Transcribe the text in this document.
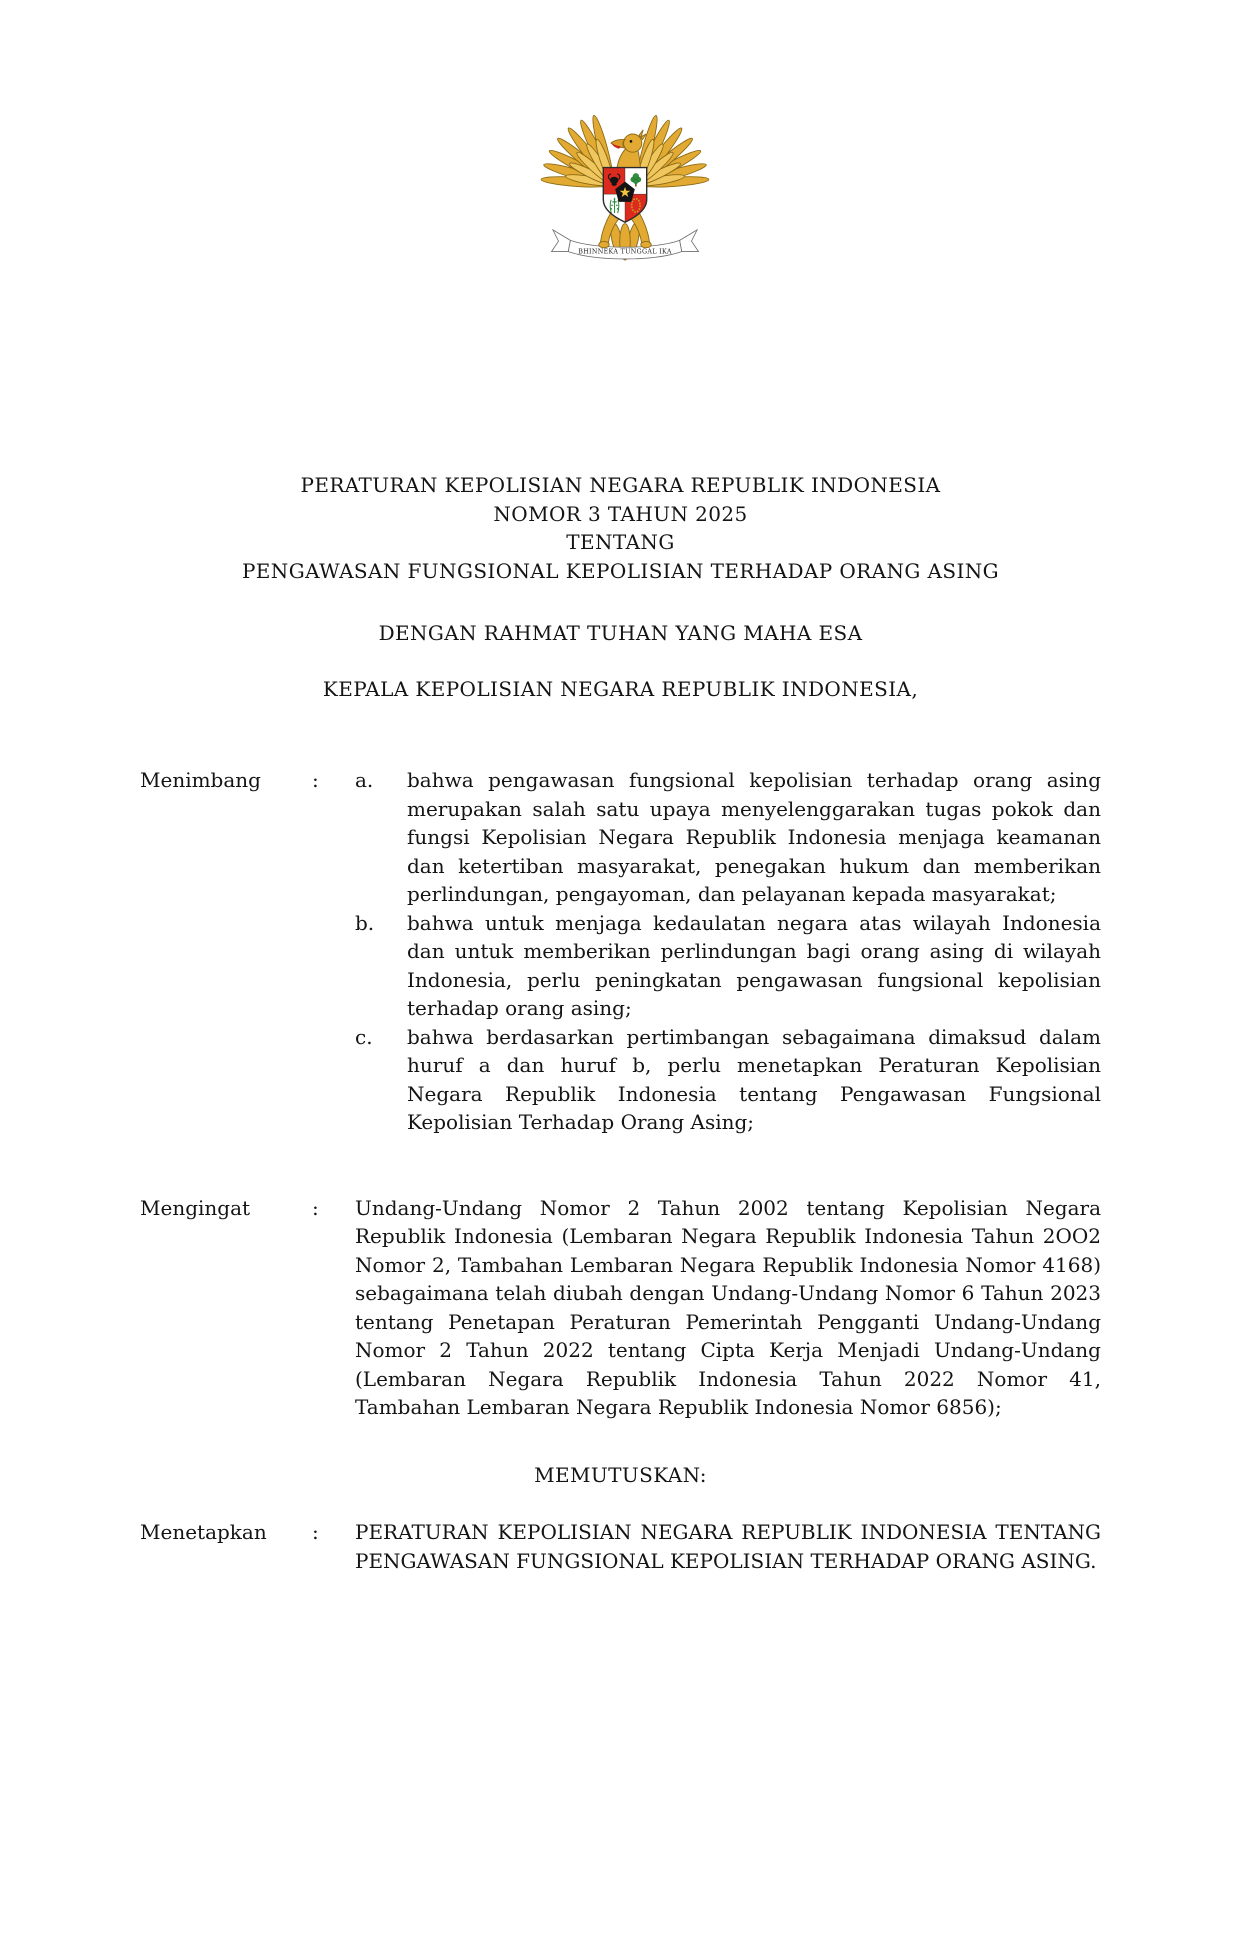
BHINNEKA TUNGGAL IKA
PERATURAN KEPOLISIAN NEGARA REPUBLIK INDONESIA
NOMOR 3 TAHUN 2025
TENTANG
PENGAWASAN FUNGSIONAL KEPOLISIAN TERHADAP ORANG ASING
DENGAN RAHMAT TUHAN YANG MAHA ESA
KEPALA KEPOLISIAN NEGARA REPUBLIK INDONESIA,
Menimbang	:	a.	bahwa pengawasan fungsional kepolisian terhadap orang asing merupakan salah satu upaya menyelenggarakan tugas pokok dan fungsi Kepolisian Negara Republik Indonesia menjaga keamanan dan ketertiban masyarakat, penegakan hukum dan memberikan perlindungan, pengayoman, dan pelayanan kepada masyarakat;
b.	bahwa untuk menjaga kedaulatan negara atas wilayah Indonesia dan untuk memberikan perlindungan bagi orang asing di wilayah Indonesia, perlu peningkatan pengawasan fungsional kepolisian terhadap orang asing;
c.	bahwa berdasarkan pertimbangan sebagaimana dimaksud dalam huruf a dan huruf b, perlu menetapkan Peraturan Kepolisian Negara Republik Indonesia tentang Pengawasan Fungsional Kepolisian Terhadap Orang Asing;
Mengingat	:	Undang-Undang Nomor 2 Tahun 2002 tentang Kepolisian Negara Republik Indonesia (Lembaran Negara Republik Indonesia Tahun 2OO2 Nomor 2, Tambahan Lembaran Negara Republik Indonesia Nomor 4168) sebagaimana telah diubah dengan Undang-Undang Nomor 6 Tahun 2023 tentang Penetapan Peraturan Pemerintah Pengganti Undang-Undang Nomor 2 Tahun 2022 tentang Cipta Kerja Menjadi Undang-Undang (Lembaran Negara Republik Indonesia Tahun 2022 Nomor 41, Tambahan Lembaran Negara Republik Indonesia Nomor 6856);
MEMUTUSKAN:
Menetapkan	:	PERATURAN KEPOLISIAN NEGARA REPUBLIK INDONESIA TENTANG PENGAWASAN FUNGSIONAL KEPOLISIAN TERHADAP ORANG ASING.
